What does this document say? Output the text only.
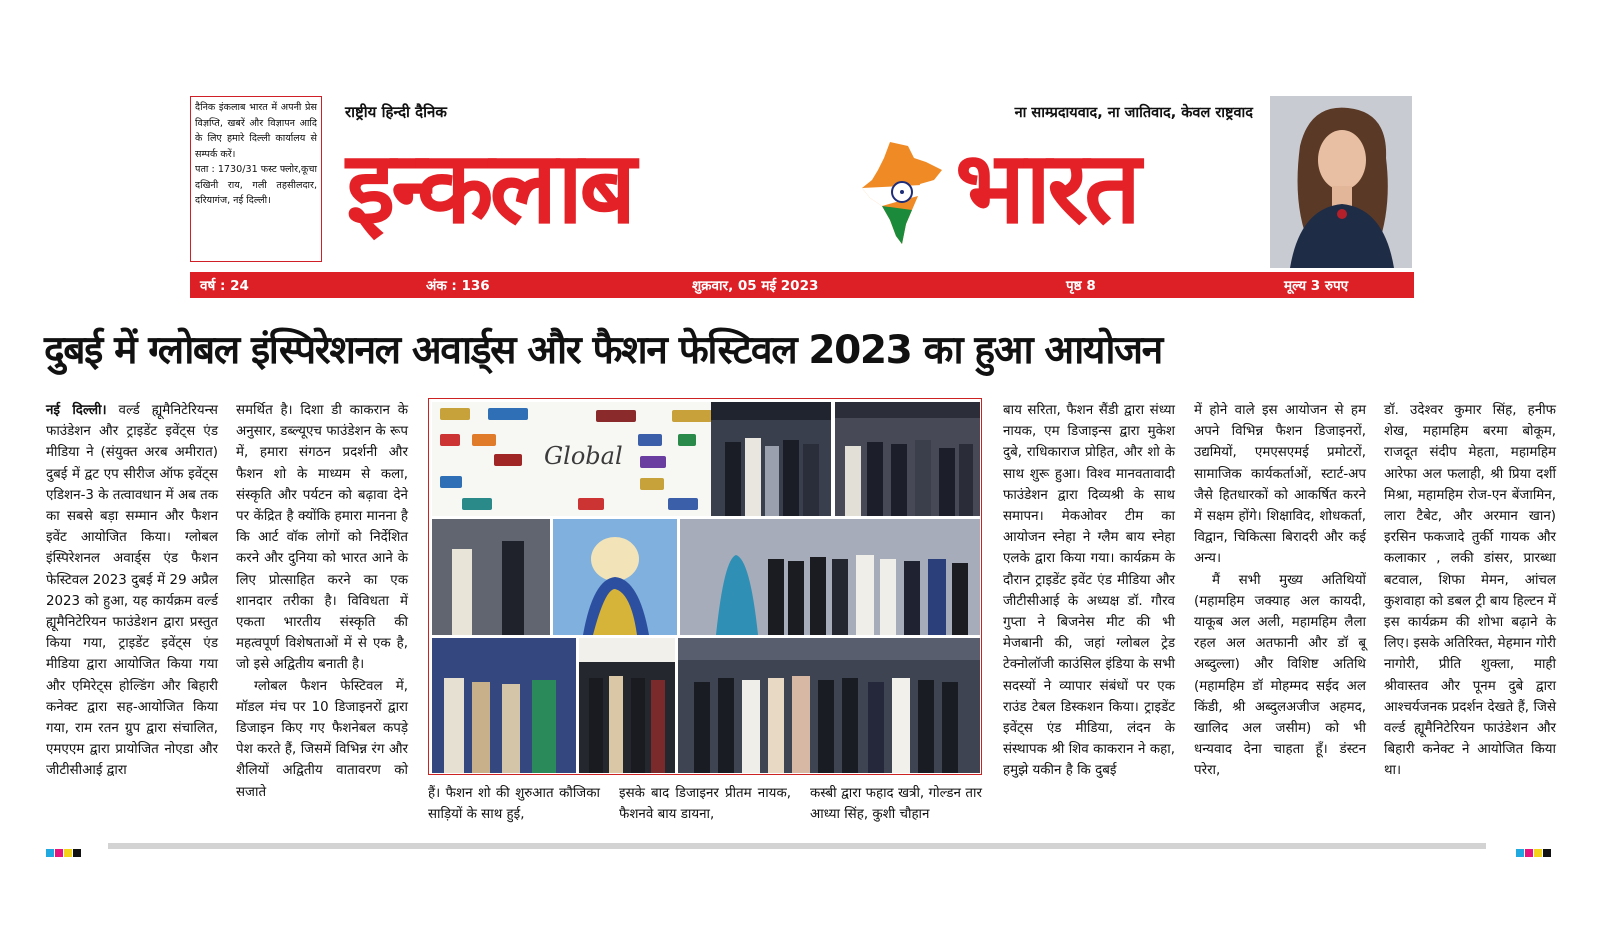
दैनिक इंकलाब भारत में अपनी प्रेस विज्ञप्ति, खबरें और विज्ञापन आदि के लिए हमारे दिल्ली कार्यालय से सम्पर्क करें।

पता : 1730/31 फस्ट फ्लोर,कूचा दखिनी राय, गली तहसीलदार, दरियागंज, नई दिल्ली।

राष्ट्रीय हिन्दी दैनिक	ना साम्प्रदायवाद, ना जातिवाद, केवल राष्ट्रवाद
इन्कलाब	भारत
वर्ष : 24	अंक : 136	शुक्रवार, 05 मई 2023	पृष्ठ 8	मूल्य 3 रुपए
दुबई में ग्लोबल इंस्पिरेशनल अवार्ड्स और फैशन फेस्टिवल 2023 का हुआ आयोजन

नई दिल्ली। वर्ल्ड ह्यूमैनिटेरियन्स फाउंडेशन और ट्राइडेंट इवेंट्स एंड मीडिया ने (संयुक्त अरब अमीरात) दुबई में द्वट एप सीरीज ऑफ इवेंट्स एडिशन-3 के तत्वावधान में अब तक का सबसे बड़ा सम्मान और फैशन इवेंट आयोजित किया। ग्लोबल इंस्पिरेशनल अवार्ड्स एंड फैशन फेस्टिवल 2023 दुबई में 29 अप्रैल 2023 को हुआ, यह कार्यक्रम वर्ल्ड ह्यूमैनिटेरियन फाउंडेशन द्वारा प्रस्तुत किया गया, ट्राइडेंट इवेंट्स एंड मीडिया द्वारा आयोजित किया गया और एमिरेट्स होल्डिंग और बिहारी कनेक्ट द्वारा सह-आयोजित किया गया, राम रतन ग्रुप द्वारा संचालित, एमएएम द्वारा प्रायोजित नोएडा और जीटीसीआई द्वारा

समर्थित है। दिशा डी काकरान के अनुसार, डब्ल्यूएच फाउंडेशन के रूप में, हमारा संगठन प्रदर्शनी और फैशन शो के माध्यम से कला, संस्कृति और पर्यटन को बढ़ावा देने पर केंद्रित है क्योंकि हमारा मानना है कि आर्ट वॉक लोगों को निर्देशित करने और दुनिया को भारत आने के लिए प्रोत्साहित करने का एक शानदार तरीका है। विविधता में एकता भारतीय संस्कृति की महत्वपूर्ण विशेषताओं में से एक है, जो इसे अद्वितीय बनाती है।

ग्लोबल फैशन फेस्टिवल में, मॉडल मंच पर 10 डिजाइनरों द्वारा डिजाइन किए गए फैशनेबल कपड़े पेश करते हैं, जिसमें विभिन्न रंग और शैलियों अद्वितीय वातावरण को सजाते

Global
हैं। फैशन शो की शुरुआत कौजिका साड़ियों के साथ हुई,
इसके बाद डिजाइनर प्रीतम नायक, फैशनवे बाय डायना,
कस्बी द्वारा फहाद खत्री, गोल्डन तार आध्या सिंह, कुशी चौहान
बाय सरिता, फैशन सैंडी द्वारा संध्या नायक, एम डिजाइन्स द्वारा मुकेश दुबे, राधिकाराज प्रोहित, और शो के साथ शुरू हुआ। विश्व मानवतावादी फाउंडेशन द्वारा दिव्यश्री के साथ समापन। मेकओवर टीम का आयोजन स्नेहा ने ग्लैम बाय स्नेहा एलके द्वारा किया गया। कार्यक्रम के दौरान ट्राइडेंट इवेंट एंड मीडिया और जीटीसीआई के अध्यक्ष डॉ. गौरव गुप्ता ने बिजनेस मीट की भी मेजबानी की, जहां ग्लोबल ट्रेड टेक्नोलॉजी काउंसिल इंडिया के सभी सदस्यों ने व्यापार संबंधों पर एक राउंड टेबल डिस्कशन किया। ट्राइडेंट इवेंट्स एंड मीडिया, लंदन के संस्थापक श्री शिव काकरान ने कहा, हमुझे यकीन है कि दुबई

में होने वाले इस आयोजन से हम अपने विभिन्न फैशन डिजाइनरों, उद्यमियों, एमएसएमई प्रमोटरों, सामाजिक कार्यकर्ताओं, स्टार्ट-अप जैसे हितधारकों को आकर्षित करने में सक्षम होंगे। शिक्षाविद, शोधकर्ता, विद्वान, चिकित्सा बिरादरी और कई अन्य।

मैं सभी मुख्य अतिथियों (महामहिम जक्याह अल कायदी, याकूब अल अली, महामहिम लैला रहल अल अतफानी और डॉ बू अब्दुल्ला) और विशिष्ट अतिथि (महामहिम डॉ मोहम्मद सईद अल किंडी, श्री अब्दुलअजीज अहमद, खालिद अल जसीम) को भी धन्यवाद देना चाहता हूँ। डंस्टन परेरा,

डॉ. उदेश्वर कुमार सिंह, हनीफ शेख, महामहिम बरमा बोकूम, राजदूत संदीप मेहता, महामहिम आरेफा अल फलाही, श्री प्रिया दर्शी मिश्रा, महामहिम रोज-एन बेंजामिन, लारा टैबेट, और अरमान खान) इरसिन फकजादे तुर्की गायक और कलाकार , लकी डांसर, प्रारब्धा बटवाल, शिफा मेमन, आंचल कुशवाहा को डबल ट्री बाय हिल्टन में इस कार्यक्रम की शोभा बढ़ाने के लिए। इसके अतिरिक्त, मेहमान गोरी नागोरी, प्रीति शुक्ला, माही श्रीवास्तव और पूनम दुबे द्वारा आश्चर्यजनक प्रदर्शन देखते हैं, जिसे वर्ल्ड ह्यूमैनिटेरियन फाउंडेशन और बिहारी कनेक्ट ने आयोजित किया था।
